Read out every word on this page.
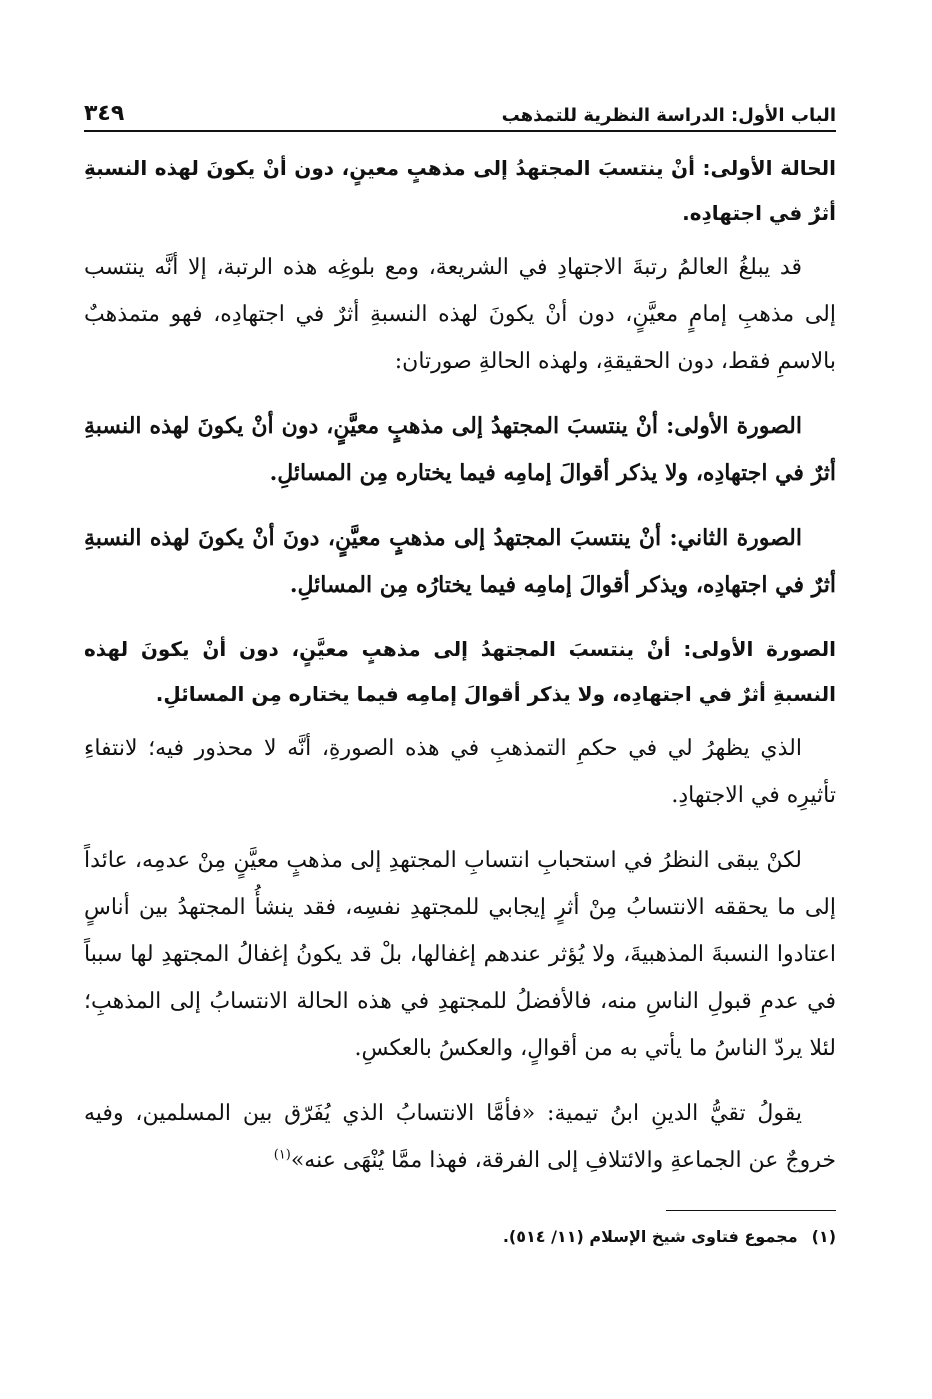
الباب الأول: الدراسة النظرية للتمذهب
٣٤٩

الحالة الأولى: أنْ ينتسبَ المجتهدُ إلى مذهبٍ معينٍ، دون أنْ يكونَ لهذه النسبةِ أثرٌ في اجتهادِه.

قد يبلغُ العالمُ رتبةَ الاجتهادِ في الشريعة، ومع بلوغِه هذه الرتبة، إلا أنَّه ينتسب إلى مذهبِ إمامٍ معيَّنٍ، دون أنْ يكونَ لهذه النسبةِ أثرٌ في اجتهادِه، فهو متمذهبٌ بالاسمِ فقط، دون الحقيقةِ، ولهذه الحالةِ صورتان:

الصورة الأولى: أنْ ينتسبَ المجتهدُ إلى مذهبٍ معيَّنٍ، دون أنْ يكونَ لهذه النسبةِ أثرٌ في اجتهادِه، ولا يذكر أقوالَ إمامِه فيما يختاره مِن المسائلِ.

الصورة الثاني: أنْ ينتسبَ المجتهدُ إلى مذهبٍ معيَّنٍ، دونَ أنْ يكونَ لهذه النسبةِ أثرٌ في اجتهادِه، ويذكر أقوالَ إمامِه فيما يختارُه مِن المسائلِ.

الصورة الأولى: أنْ ينتسبَ المجتهدُ إلى مذهبٍ معيَّنٍ، دون أنْ يكونَ لهذه النسبةِ أثرٌ في اجتهادِه، ولا يذكر أقوالَ إمامِه فيما يختاره مِن المسائلِ.

الذي يظهرُ لي في حكمِ التمذهبِ في هذه الصورةِ، أنَّه لا محذور فيه؛ لانتفاءِ تأثيرِه في الاجتهادِ.

لكنْ يبقى النظرُ في استحبابِ انتسابِ المجتهدِ إلى مذهبٍ معيَّنٍ مِنْ عدمِه، عائداً إلى ما يحققه الانتسابُ مِنْ أثرٍ إيجابي للمجتهدِ نفسِه، فقد ينشأُ المجتهدُ بين أناسٍ اعتادوا النسبةَ المذهبيةَ، ولا يُؤثر عندهم إغفالها، بلْ قد يكونُ إغفالُ المجتهدِ لها سبباً في عدمِ قبولِ الناسِ منه، فالأفضلُ للمجتهدِ في هذه الحالة الانتسابُ إلى المذهبِ؛ لئلا يردّ الناسُ ما يأتي به من أقوالٍ، والعكسُ بالعكسِ.

يقولُ تقيُّ الدينِ ابنُ تيمية: «فأمَّا الانتسابُ الذي يُفَرّق بين المسلمين، وفيه خروجٌ عن الجماعةِ والائتلافِ إلى الفرقة، فهذا ممَّا يُنْهَى عنه»$^{(١)}$

(١)مجموع فتاوى شيخ الإسلام (١١/ ٥١٤).
